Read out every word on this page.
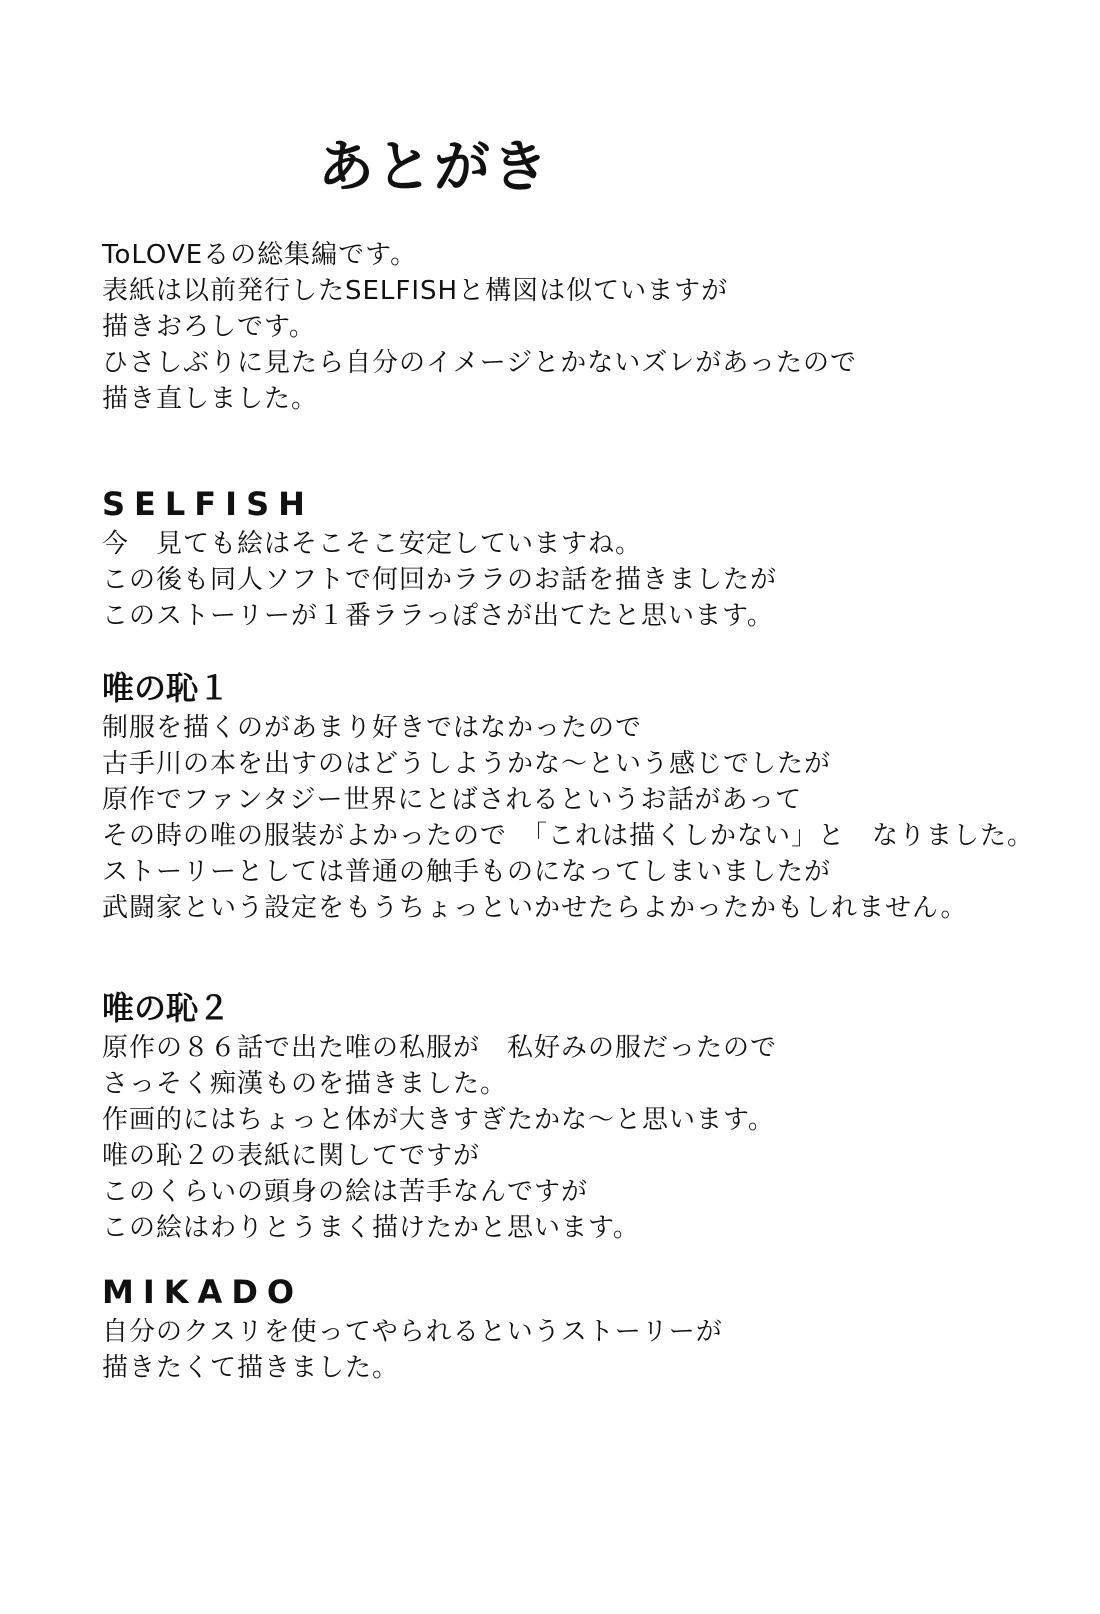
あとがき

ToLOVEるの総集編です。

表紙は以前発行したSELFISHと構図は似ていますが

描きおろしです。

ひさしぶりに見たら自分のイメージとかないズレがあったので

描き直しました。

SELFISH

今　見ても絵はそこそこ安定していますね。

この後も同人ソフトで何回かララのお話を描きましたが

このストーリーが１番ララっぽさが出てたと思います。

唯の恥１

制服を描くのがあまり好きではなかったので

古手川の本を出すのはどうしようかな～という感じでしたが

原作でファンタジー世界にとばされるというお話があって

その時の唯の服装がよかったので　「これは描くしかない」と　なりました。

ストーリーとしては普通の触手ものになってしまいましたが

武闘家という設定をもうちょっといかせたらよかったかもしれません。

唯の恥２

原作の８６話で出た唯の私服が　私好みの服だったので

さっそく痴漢ものを描きました。

作画的にはちょっと体が大きすぎたかな～と思います。

唯の恥２の表紙に関してですが

このくらいの頭身の絵は苦手なんですが

この絵はわりとうまく描けたかと思います。

MIKADO

自分のクスリを使ってやられるというストーリーが

描きたくて描きました。
